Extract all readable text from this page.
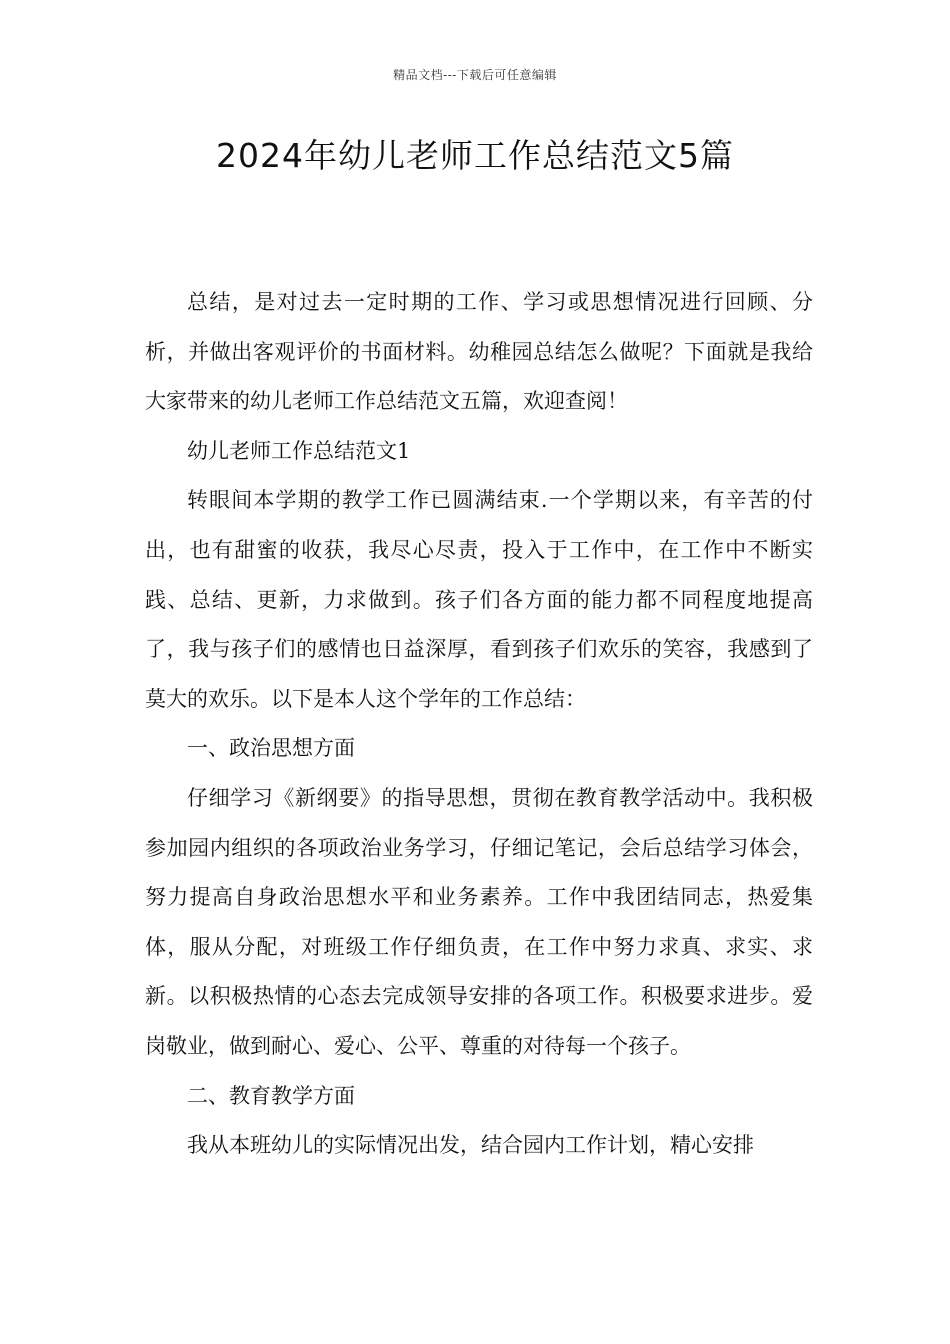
精品文档---下载后可任意编辑
2024年幼儿老师工作总结范文5篇

总结，是对过去一定时期的工作、学习或思想情况进行回顾、分析，并做出客观评价的书面材料。幼稚园总结怎么做呢？下面就是我给大家带来的幼儿老师工作总结范文五篇，欢迎查阅！

幼儿老师工作总结范文1

转眼间本学期的教学工作已圆满结束.一个学期以来，有辛苦的付出，也有甜蜜的收获，我尽心尽责，投入于工作中，在工作中不断实践、总结、更新，力求做到。孩子们各方面的能力都不同程度地提高了，我与孩子们的感情也日益深厚，看到孩子们欢乐的笑容，我感到了莫大的欢乐。以下是本人这个学年的工作总结：

一、政治思想方面

仔细学习《新纲要》的指导思想，贯彻在教育教学活动中。我积极参加园内组织的各项政治业务学习，仔细记笔记，会后总结学习体会，努力提高自身政治思想水平和业务素养。工作中我团结同志，热爱集体，服从分配，对班级工作仔细负责，在工作中努力求真、求实、求新。以积极热情的心态去完成领导安排的各项工作。积极要求进步。爱岗敬业，做到耐心、爱心、公平、尊重的对待每一个孩子。

二、教育教学方面

我从本班幼儿的实际情况出发，结合园内工作计划，精心安排
